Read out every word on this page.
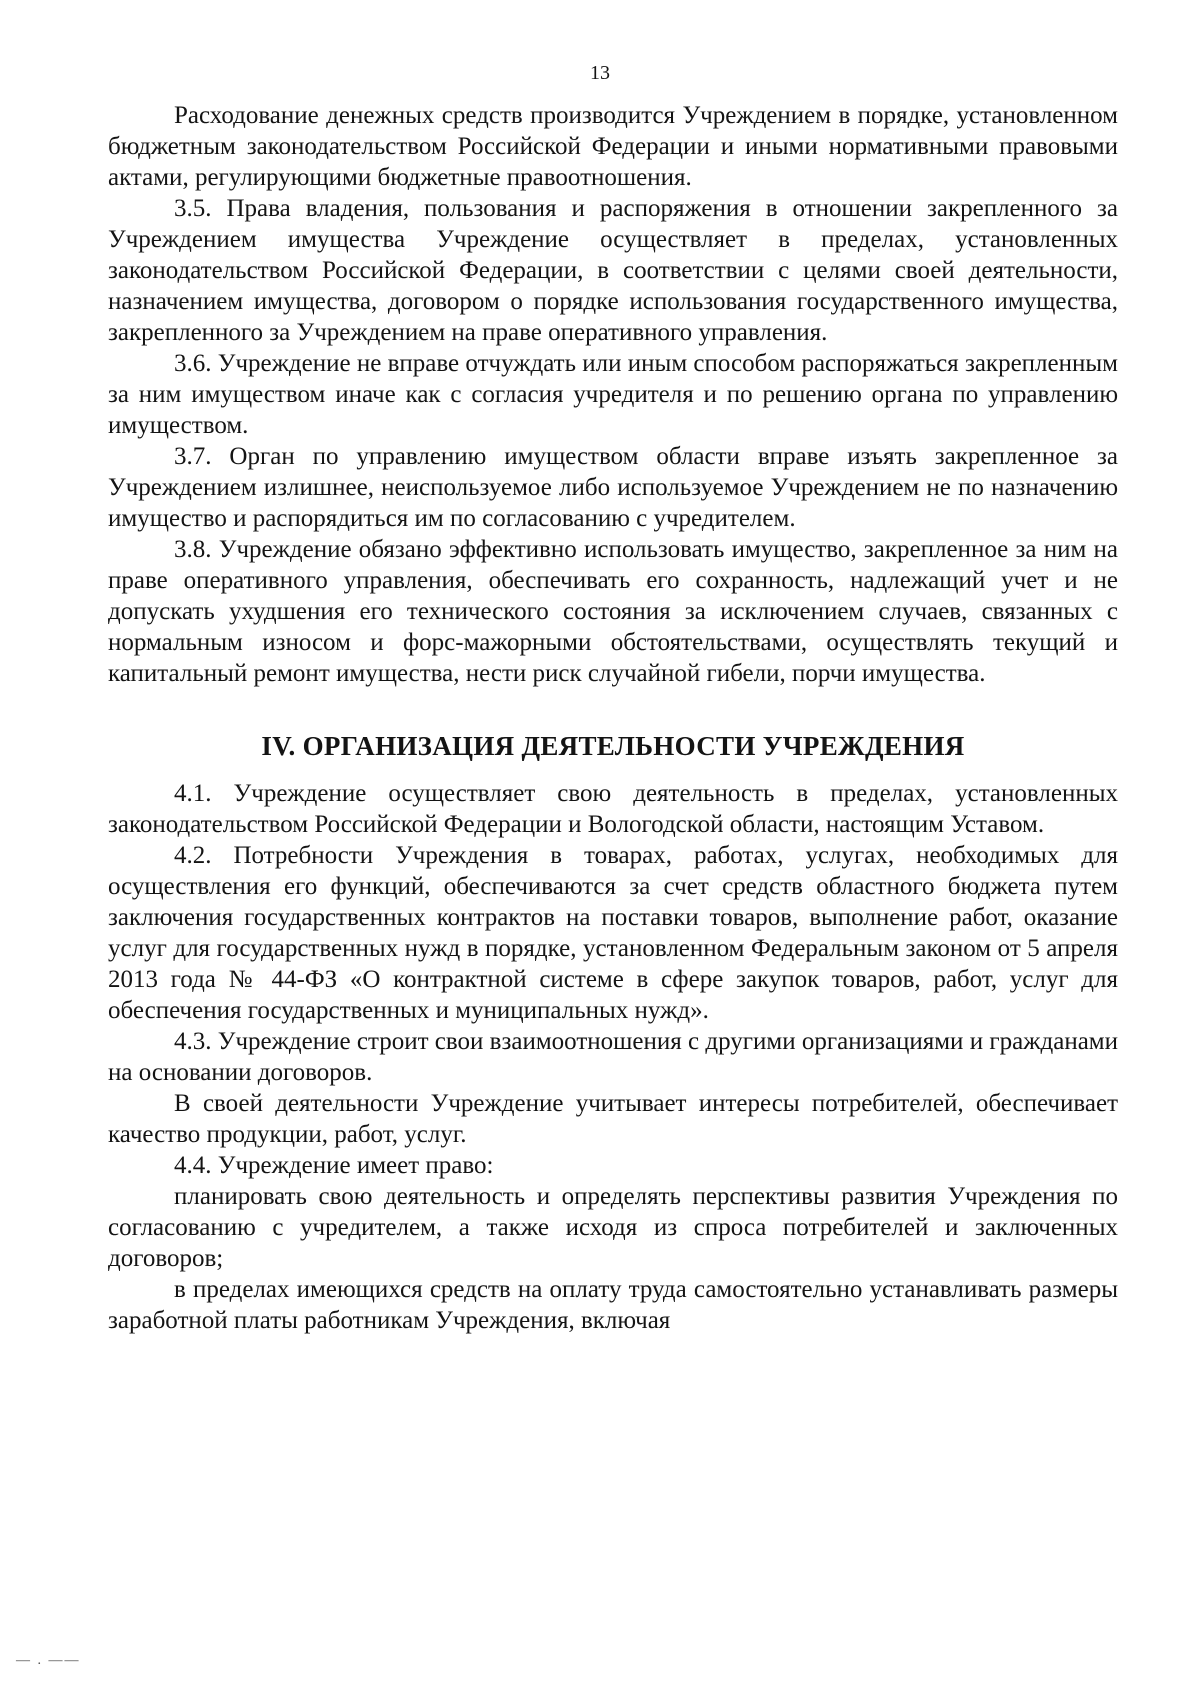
13

Расходование денежных средств производится Учреждением в порядке, установленном бюджетным законодательством Российской Федерации и иными нормативными правовыми актами, регулирующими бюджетные правоотношения.

3.5. Права владения, пользования и распоряжения в отношении закрепленного за Учреждением имущества Учреждение осуществляет в пределах, установленных законодательством Российской Федерации, в соответствии с целями своей деятельности, назначением имущества, договором о порядке использования государственного имущества, закрепленного за Учреждением на праве оперативного управления.

3.6. Учреждение не вправе отчуждать или иным способом распоряжаться закрепленным за ним имуществом иначе как с согласия учредителя и по решению органа по управлению имуществом.

3.7. Орган по управлению имуществом области вправе изъять закрепленное за Учреждением излишнее, неиспользуемое либо используемое Учреждением не по назначению имущество и распорядиться им по согласованию с учредителем.

3.8. Учреждение обязано эффективно использовать имущество, закрепленное за ним на праве оперативного управления, обеспечивать его сохранность, надлежащий учет и не допускать ухудшения его технического состояния за исключением случаев, связанных с нормальным износом и форс-мажорными обстоятельствами, осуществлять текущий и капитальный ремонт имущества, нести риск случайной гибели, порчи имущества.

IV. ОРГАНИЗАЦИЯ ДЕЯТЕЛЬНОСТИ УЧРЕЖДЕНИЯ

4.1. Учреждение осуществляет свою деятельность в пределах, установленных законодательством Российской Федерации и Вологодской области, настоящим Уставом.

4.2. Потребности Учреждения в товарах, работах, услугах, необходимых для осуществления его функций, обеспечиваются за счет средств областного бюджета путем заключения государственных контрактов на поставки товаров, выполнение работ, оказание услуг для государственных нужд в порядке, установленном Федеральным законом от 5 апреля 2013 года № 44-ФЗ «О контрактной системе в сфере закупок товаров, работ, услуг для обеспечения государственных и муниципальных нужд».

4.3. Учреждение строит свои взаимоотношения с другими организациями и гражданами на основании договоров.

В своей деятельности Учреждение учитывает интересы потребителей, обеспечивает качество продукции, работ, услуг.

4.4. Учреждение имеет право:

планировать свою деятельность и определять перспективы развития Учреждения по согласованию с учредителем, а также исходя из спроса потребителей и заключенных договоров;

в пределах имеющихся средств на оплату труда самостоятельно устанавливать размеры заработной платы работникам Учреждения, включая

— . ——
